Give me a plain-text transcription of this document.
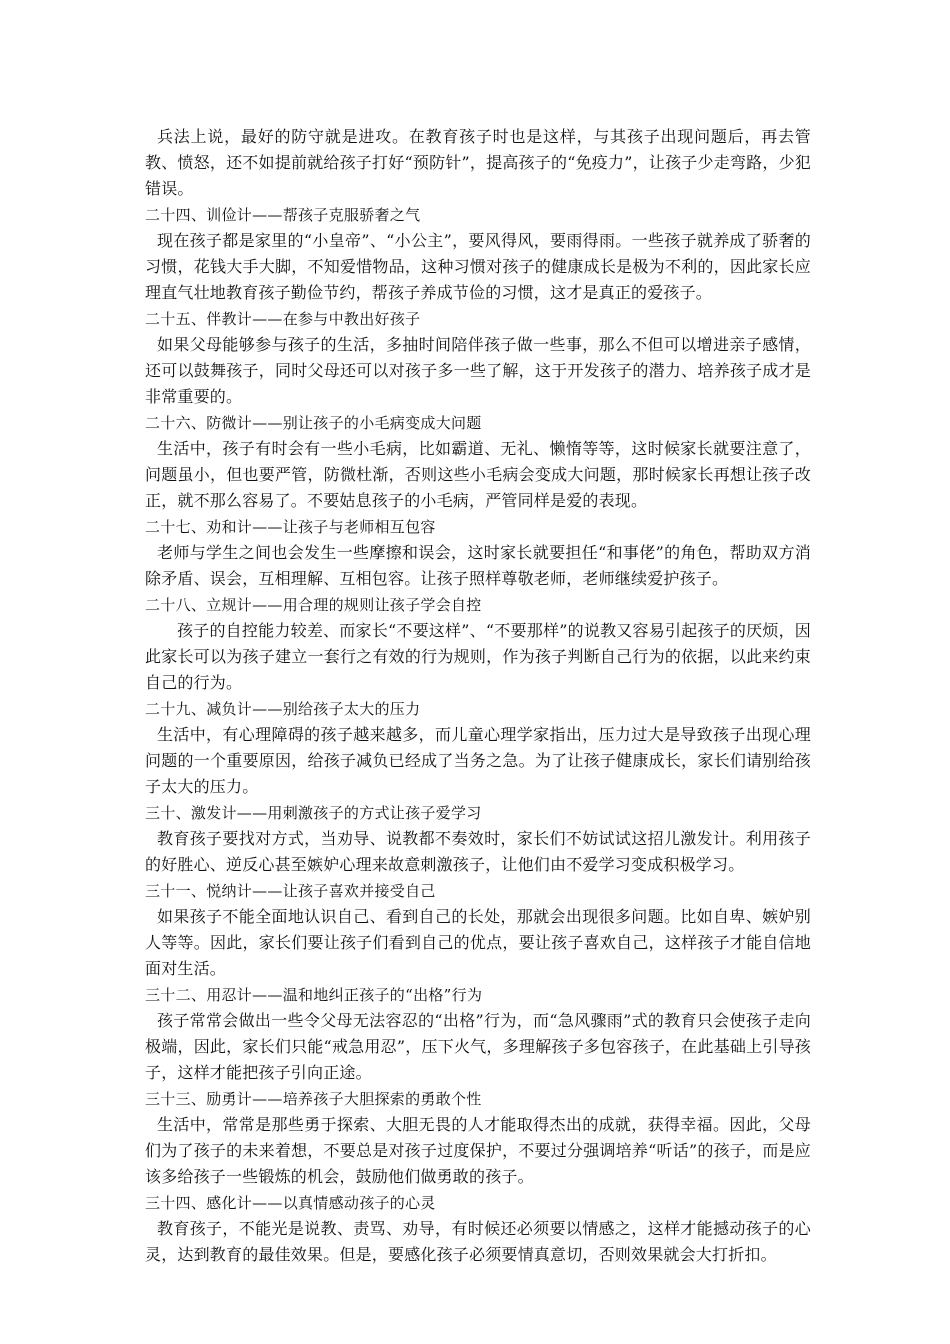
兵法上说，最好的防守就是进攻。在教育孩子时也是这样，与其孩子出现问题后，再去管教、愤怒，还不如提前就给孩子打好“预防针”，提高孩子的“免疫力”，让孩子少走弯路，少犯错误。

二十四、训俭计——帮孩子克服骄奢之气

现在孩子都是家里的“小皇帝”、“小公主”，要风得风，要雨得雨。一些孩子就养成了骄奢的习惯，花钱大手大脚，不知爱惜物品，这种习惯对孩子的健康成长是极为不利的，因此家长应理直气壮地教育孩子勤俭节约，帮孩子养成节俭的习惯，这才是真正的爱孩子。

二十五、伴教计——在参与中教出好孩子

如果父母能够参与孩子的生活，多抽时间陪伴孩子做一些事，那么不但可以增进亲子感情，还可以鼓舞孩子，同时父母还可以对孩子多一些了解，这于开发孩子的潜力、培养孩子成才是非常重要的。

二十六、防微计——别让孩子的小毛病变成大问题

生活中，孩子有时会有一些小毛病，比如霸道、无礼、懒惰等等，这时候家长就要注意了，问题虽小，但也要严管，防微杜渐，否则这些小毛病会变成大问题，那时候家长再想让孩子改正，就不那么容易了。不要姑息孩子的小毛病，严管同样是爱的表现。

二十七、劝和计——让孩子与老师相互包容

老师与学生之间也会发生一些摩擦和误会，这时家长就要担任“和事佬”的角色，帮助双方消除矛盾、误会，互相理解、互相包容。让孩子照样尊敬老师，老师继续爱护孩子。

二十八、立规计——用合理的规则让孩子学会自控

孩子的自控能力较差、而家长“不要这样”、“不要那样”的说教又容易引起孩子的厌烦，因此家长可以为孩子建立一套行之有效的行为规则，作为孩子判断自己行为的依据，以此来约束自己的行为。

二十九、减负计——别给孩子太大的压力

生活中，有心理障碍的孩子越来越多，而儿童心理学家指出，压力过大是导致孩子出现心理问题的一个重要原因，给孩子减负已经成了当务之急。为了让孩子健康成长，家长们请别给孩子太大的压力。

三十、激发计——用刺激孩子的方式让孩子爱学习

教育孩子要找对方式，当劝导、说教都不奏效时，家长们不妨试试这招儿激发计。利用孩子的好胜心、逆反心甚至嫉妒心理来故意刺激孩子，让他们由不爱学习变成积极学习。

三十一、悦纳计——让孩子喜欢并接受自己

如果孩子不能全面地认识自己、看到自己的长处，那就会出现很多问题。比如自卑、嫉妒别人等等。因此，家长们要让孩子们看到自己的优点，要让孩子喜欢自己，这样孩子才能自信地面对生活。

三十二、用忍计——温和地纠正孩子的“出格”行为

孩子常常会做出一些令父母无法容忍的“出格”行为，而“急风骤雨”式的教育只会使孩子走向极端，因此，家长们只能“戒急用忍”，压下火气，多理解孩子多包容孩子，在此基础上引导孩子，这样才能把孩子引向正途。

三十三、励勇计——培养孩子大胆探索的勇敢个性

生活中，常常是那些勇于探索、大胆无畏的人才能取得杰出的成就，获得幸福。因此，父母们为了孩子的未来着想，不要总是对孩子过度保护，不要过分强调培养“听话”的孩子，而是应该多给孩子一些锻炼的机会，鼓励他们做勇敢的孩子。

三十四、感化计——以真情感动孩子的心灵

教育孩子，不能光是说教、责骂、劝导，有时候还必须要以情感之，这样才能撼动孩子的心灵，达到教育的最佳效果。但是，要感化孩子必须要情真意切，否则效果就会大打折扣。
